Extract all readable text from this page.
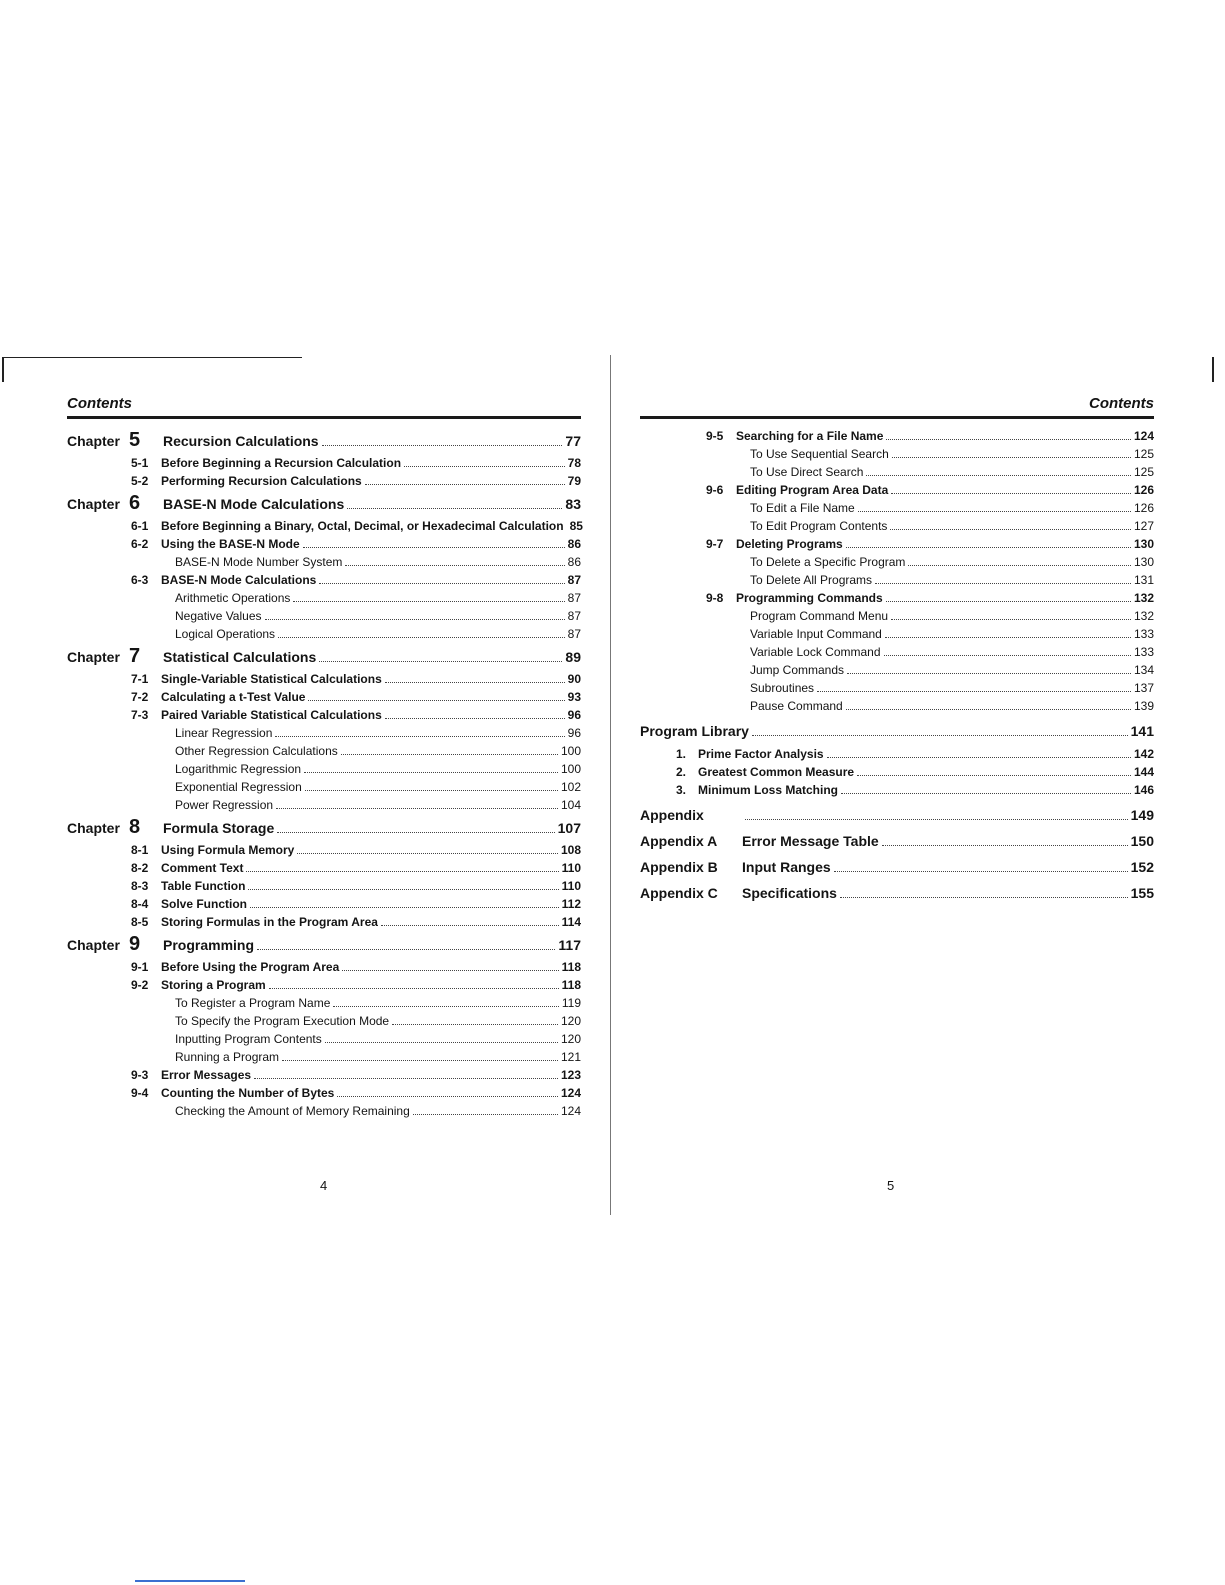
Contents
Chapter 5 Recursion Calculations	77
5-1 Before Beginning a Recursion Calculation	78
5-2 Performing Recursion Calculations	79
Chapter 6 BASE-N Mode Calculations	83
6-1 Before Beginning a Binary, Octal, Decimal, or Hexadecimal Calculation 85
6-2 Using the BASE-N Mode	86
BASE-N Mode Number System	86
6-3 BASE-N Mode Calculations	87
Arithmetic Operations	87
Negative Values	87
Logical Operations	87
Chapter 7 Statistical Calculations	89
7-1 Single-Variable Statistical Calculations	90
7-2 Calculating a t-Test Value	93
7-3 Paired Variable Statistical Calculations	96
Linear Regression	96
Other Regression Calculations	100
Logarithmic Regression	100
Exponential Regression	102
Power Regression	104
Chapter 8 Formula Storage	107
8-1 Using Formula Memory	108
8-2 Comment Text	110
8-3 Table Function	110
8-4 Solve Function	112
8-5 Storing Formulas in the Program Area	114
Chapter 9 Programming	117
9-1 Before Using the Program Area	118
9-2 Storing a Program	118
To Register a Program Name	119
To Specify the Program Execution Mode	120
Inputting Program Contents	120
Running a Program	121
9-3 Error Messages	123
9-4 Counting the Number of Bytes	124
Checking the Amount of Memory Remaining	124
4
Contents
9-5 Searching for a File Name	124
To Use Sequential Search	125
To Use Direct Search	125
9-6 Editing Program Area Data	126
To Edit a File Name	126
To Edit Program Contents	127
9-7 Deleting Programs	130
To Delete a Specific Program	130
To Delete All Programs	131
9-8 Programming Commands	132
Program Command Menu	132
Variable Input Command	133
Variable Lock Command	133
Jump Commands	134
Subroutines	137
Pause Command	139
Program Library	141
1. Prime Factor Analysis	142
2. Greatest Common Measure	144
3. Minimum Loss Matching	146
Appendix	149
Appendix A Error Message Table	150
Appendix B Input Ranges	152
Appendix C Specifications	155
5
